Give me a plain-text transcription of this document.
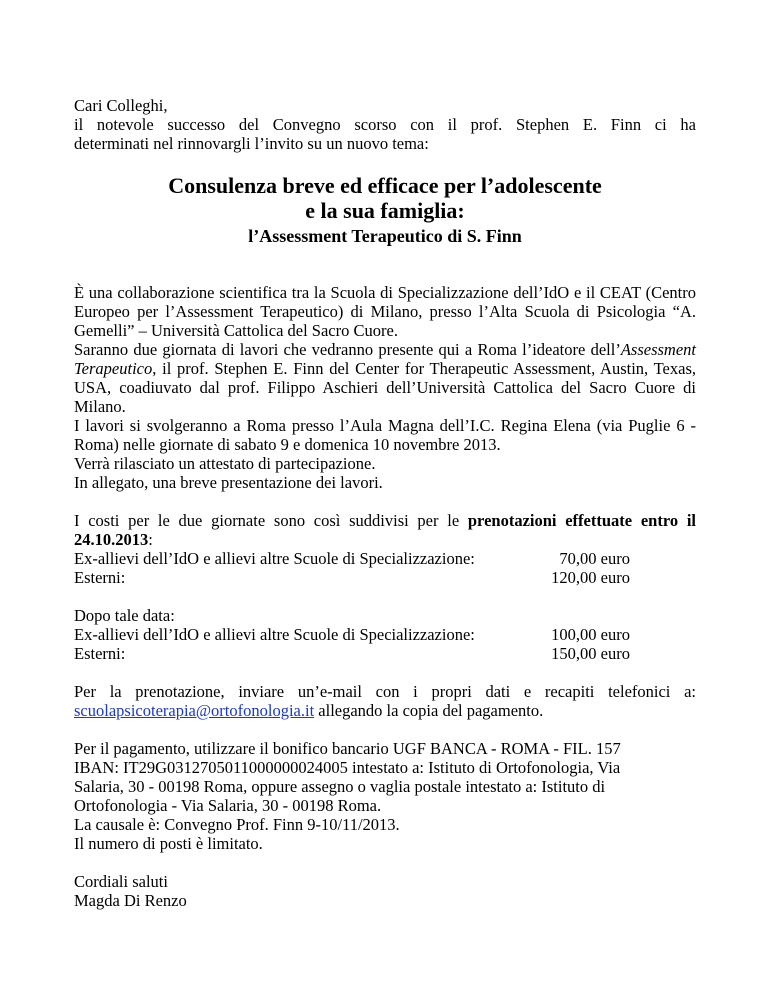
Cari Colleghi,

il notevole successo del Convegno scorso con il prof. Stephen E. Finn ci ha

determinati nel rinnovargli l’invito su un nuovo tema:

Consulenza breve ed efficace per l’adolescente

e la sua famiglia:

l’Assessment Terapeutico di S. Finn

È una collaborazione scientifica tra la Scuola di Specializzazione dell’IdO e il CEAT (Centro Europeo per l’Assessment Terapeutico) di Milano, presso l’Alta Scuola di Psicologia “A. Gemelli” – Università Cattolica del Sacro Cuore.

Saranno due giornata di lavori che vedranno presente qui a Roma l’ideatore dell’Assessment Terapeutico, il prof. Stephen E. Finn del Center for Therapeutic Assessment, Austin, Texas, USA, coadiuvato dal prof. Filippo Aschieri dell’Università Cattolica del Sacro Cuore di Milano.

I lavori si svolgeranno a Roma presso l’Aula Magna dell’I.C. Regina Elena (via Puglie 6 - Roma) nelle giornate di sabato 9 e domenica 10 novembre 2013.

Verrà rilasciato un attestato di partecipazione.

In allegato, una breve presentazione dei lavori.

I costi per le due giornate sono così suddivisi per le prenotazioni effettuate entro il 24.10.2013:

Ex-allievi dell’IdO e allievi altre Scuole di Specializzazione:	70,00 euro
Esterni:	120,00 euro

Dopo tale data:

Ex-allievi dell’IdO e allievi altre Scuole di Specializzazione:	100,00 euro
Esterni:	150,00 euro

Per la prenotazione, inviare un’e-mail con i propri dati e recapiti telefonici a:

scuolapsicoterapia@ortofonologia.it allegando la copia del pagamento.

Per il pagamento, utilizzare il bonifico bancario UGF BANCA - ROMA - FIL. 157

IBAN: IT29G0312705011000000024005 intestato a: Istituto di Ortofonologia, Via

Salaria, 30 - 00198 Roma, oppure assegno o vaglia postale intestato a: Istituto di

Ortofonologia - Via Salaria, 30 - 00198 Roma.

La causale è: Convegno Prof. Finn 9-10/11/2013.

Il numero di posti è limitato.

Cordiali saluti

Magda Di Renzo
